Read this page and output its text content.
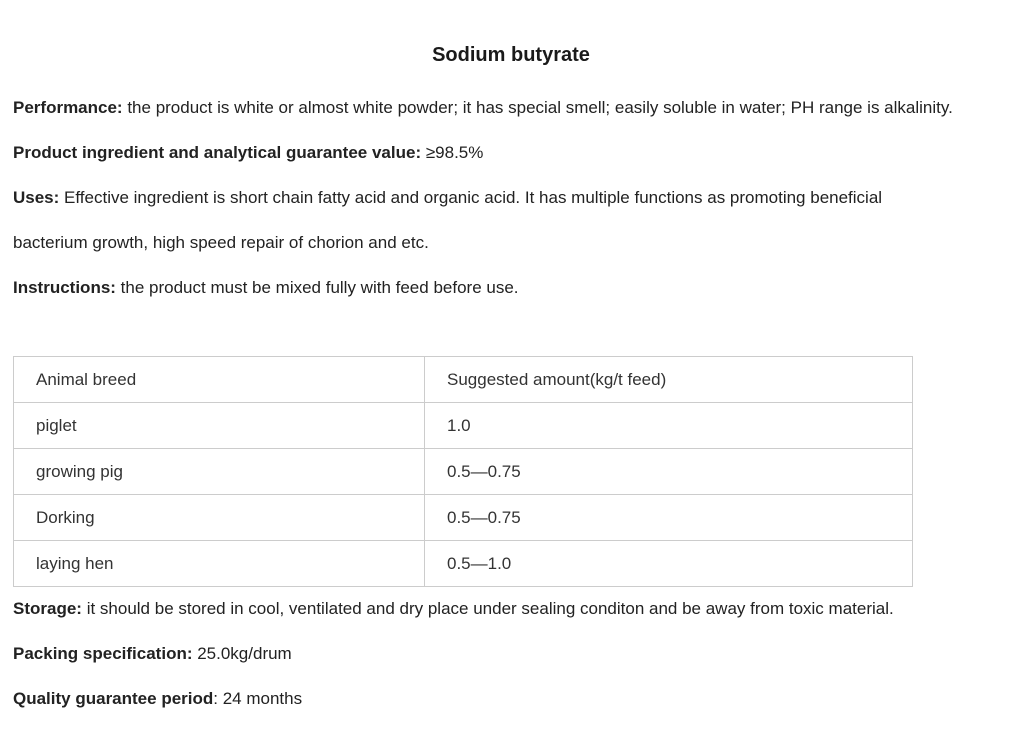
Sodium butyrate
Performance: the product is white or almost white powder; it has special smell; easily soluble in water; PH range is alkalinity.
Product ingredient and analytical guarantee value: ≥98.5%
Uses: Effective ingredient is short chain fatty acid and organic acid. It has multiple functions as promoting beneficial
bacterium growth, high speed repair of chorion and etc.
Instructions: the product must be mixed fully with feed before use.
Animal breed	Suggested amount(kg/t feed)
piglet	1.0
growing pig	0.5—0.75
Dorking	0.5—0.75
laying hen	0.5—1.0
Storage: it should be stored in cool, ventilated and dry place under sealing conditon and be away from toxic material.
Packing specification: 25.0kg/drum
Quality guarantee period: 24 months
